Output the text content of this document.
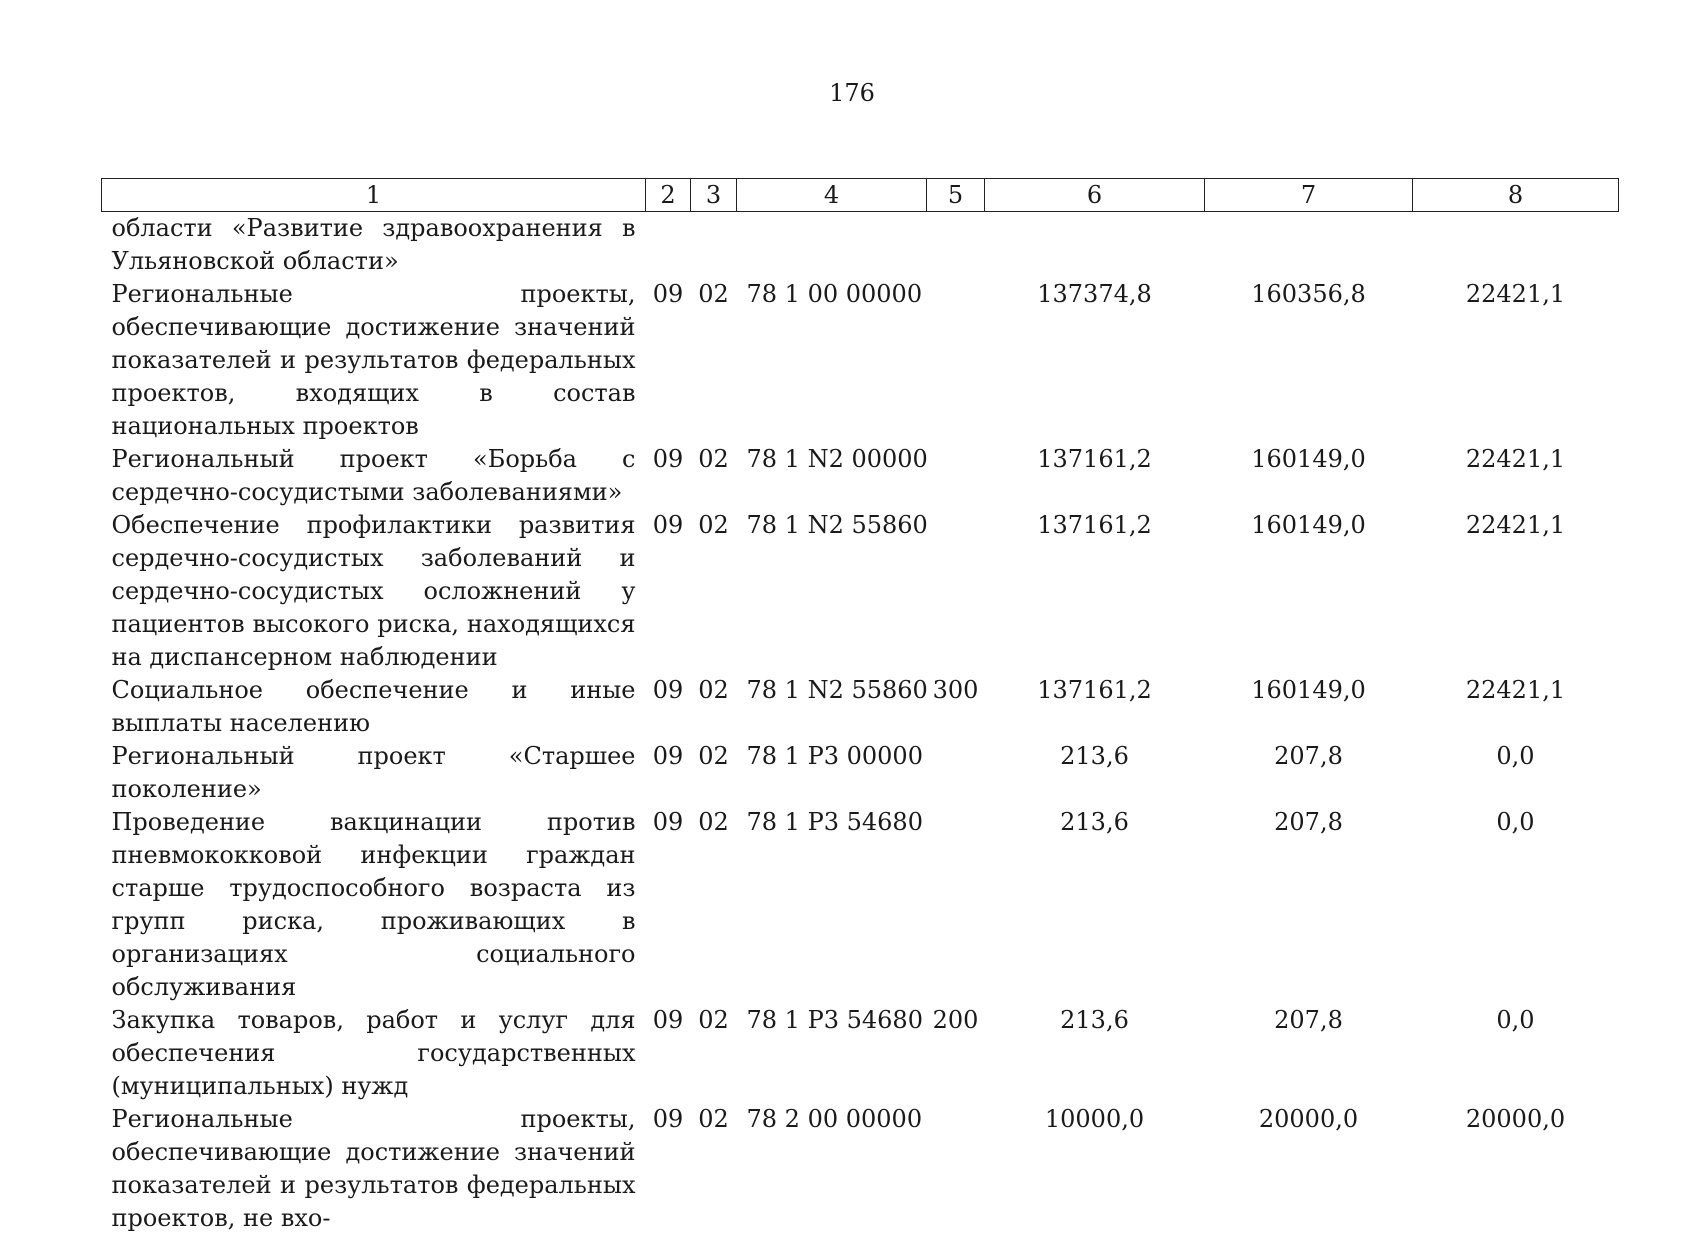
176
1	2	3	4	5	6	7	8
области «Развитие здравоохранения в Ульяновской области»							
Региональные проекты, обеспечивающие достижение значений показателей и результатов федеральных проектов, входящих в состав национальных проектов	09	02	78 1 00 00000		137374,8	160356,8	22421,1
Региональный проект «Борьба с сердечно-сосудистыми заболеваниями»	09	02	78 1 N2 00000		137161,2	160149,0	22421,1
Обеспечение профилактики развития сердечно-сосудистых заболеваний и сердечно-сосудистых осложнений у пациентов высокого риска, находящихся на диспансерном наблюдении	09	02	78 1 N2 55860		137161,2	160149,0	22421,1
Социальное обеспечение и иные выплаты населению	09	02	78 1 N2 55860	300	137161,2	160149,0	22421,1
Региональный проект «Старшее поколение»	09	02	78 1 P3 00000		213,6	207,8	0,0
Проведение вакцинации против пневмококковой инфекции граждан старше трудоспособного возраста из групп риска, проживающих в организациях социального обслуживания	09	02	78 1 P3 54680		213,6	207,8	0,0
Закупка товаров, работ и услуг для обеспечения государственных (муниципальных) нужд	09	02	78 1 P3 54680	200	213,6	207,8	0,0
Региональные проекты, обеспечивающие достижение значений показателей и результатов федеральных проектов, не вхо-	09	02	78 2 00 00000		10000,0	20000,0	20000,0
